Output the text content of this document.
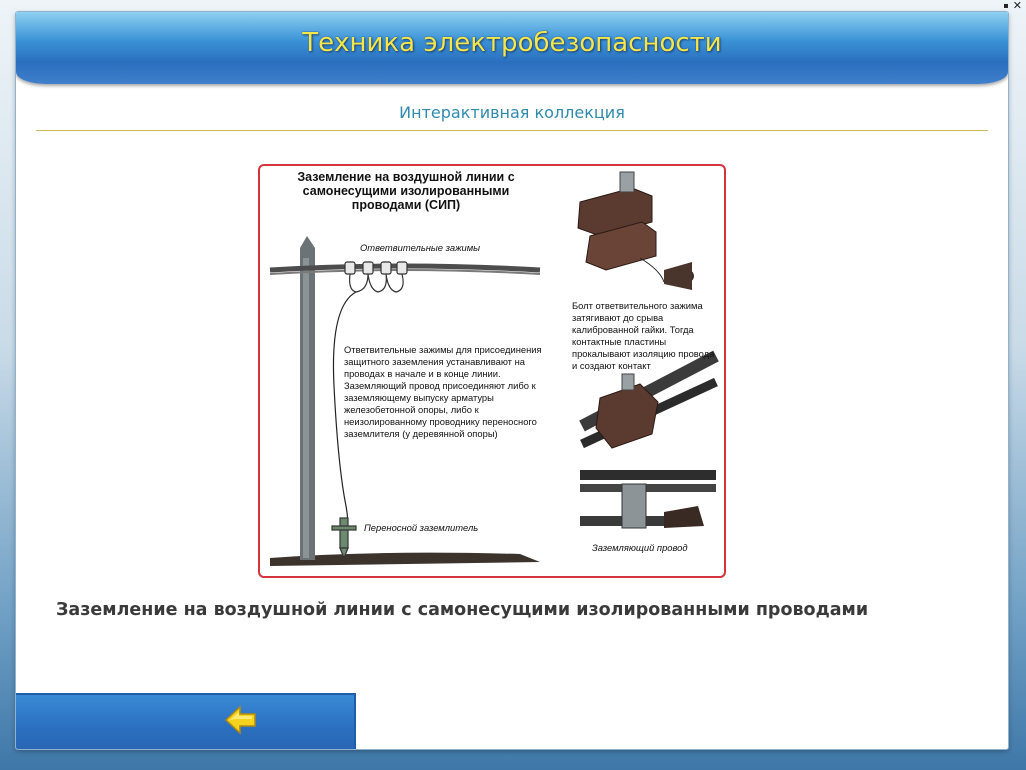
▪ ✕
Техника электробезопасности
Интерактивная коллекция
Заземление на воздушной линии с самонесущими изолированными проводами (СИП)
Ответвительные зажимы
Ответвительные зажимы для присоединения защитного заземления устанавливают на проводах в начале и в конце линии. Заземляющий провод присоединяют либо к заземляющему выпуску арматуры железобетонной опоры, либо к неизолированному проводнику переносного заземлителя (у деревянной опоры)
Болт ответвительного зажима затягивают до срыва калиброванной гайки. Тогда контактные пластины прокалывают изоляцию провода и создают контакт
Переносной заземлитель
Заземляющий провод
Заземление на воздушной линии с самонесущими изолированными проводами
